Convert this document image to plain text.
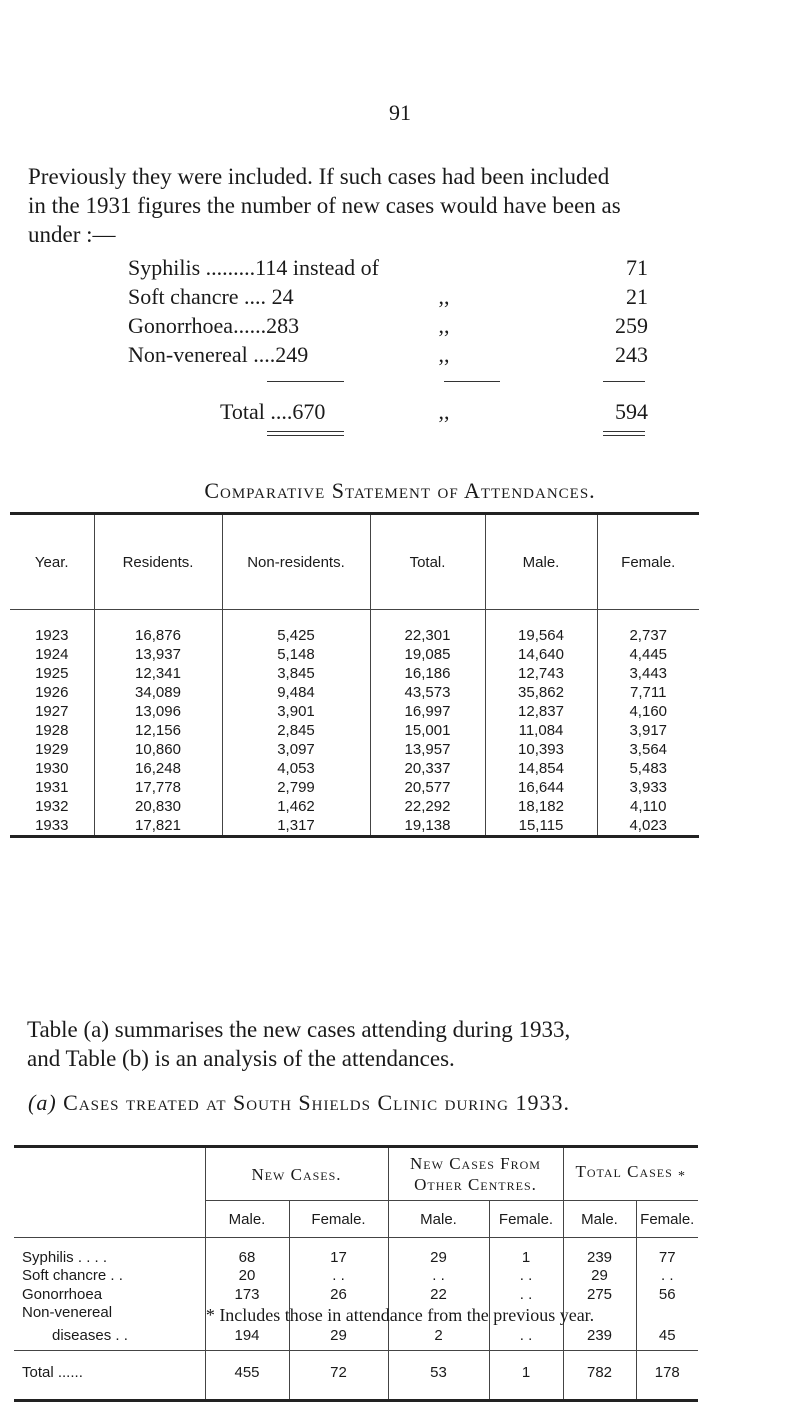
91

Previously they were included. If such cases had been included

in the 1931 figures the number of new cases would have been as

under :—

Syphilis .........114 instead of	71
Soft chancre .... 24	,,	21
Gonorrhoea......283	,,	259
Non-venereal ....249	,,	243
Total ....670	,,	594
Comparative Statement of Attendances.
Year.	Residents.	Non-residents.	Total.	Male.	Female.
1923	16,876	5,425	22,301	19,564	2,737
1924	13,937	5,148	19,085	14,640	4,445
1925	12,341	3,845	16,186	12,743	3,443
1926	34,089	9,484	43,573	35,862	7,711
1927	13,096	3,901	16,997	12,837	4,160
1928	12,156	2,845	15,001	11,084	3,917
1929	10,860	3,097	13,957	10,393	3,564
1930	16,248	4,053	20,337	14,854	5,483
1931	17,778	2,799	20,577	16,644	3,933
1932	20,830	1,462	22,292	18,182	4,110
1933	17,821	1,317	19,138	15,115	4,023

Table (a) summarises the new cases attending during 1933,

and Table (b) is an analysis of the attendances.

(a) Cases treated at South Shields Clinic during 1933.
	New Cases.		New Cases From Other Centres.		Total Cases *	
	Male.	Female.	Male.	Female.	Male.	Female.
Syphilis . . . .	68	17	29	1	239	77
Soft chancre . .	20	. .	. .	. .	29	. .
Gonorrhoea	173	26	22	. .	275	56
Non-venereal						
diseases . .	194	29	2	. .	239	45
Total ......	455	72	53	1	782	178
* Includes those in attendance from the previous year.
